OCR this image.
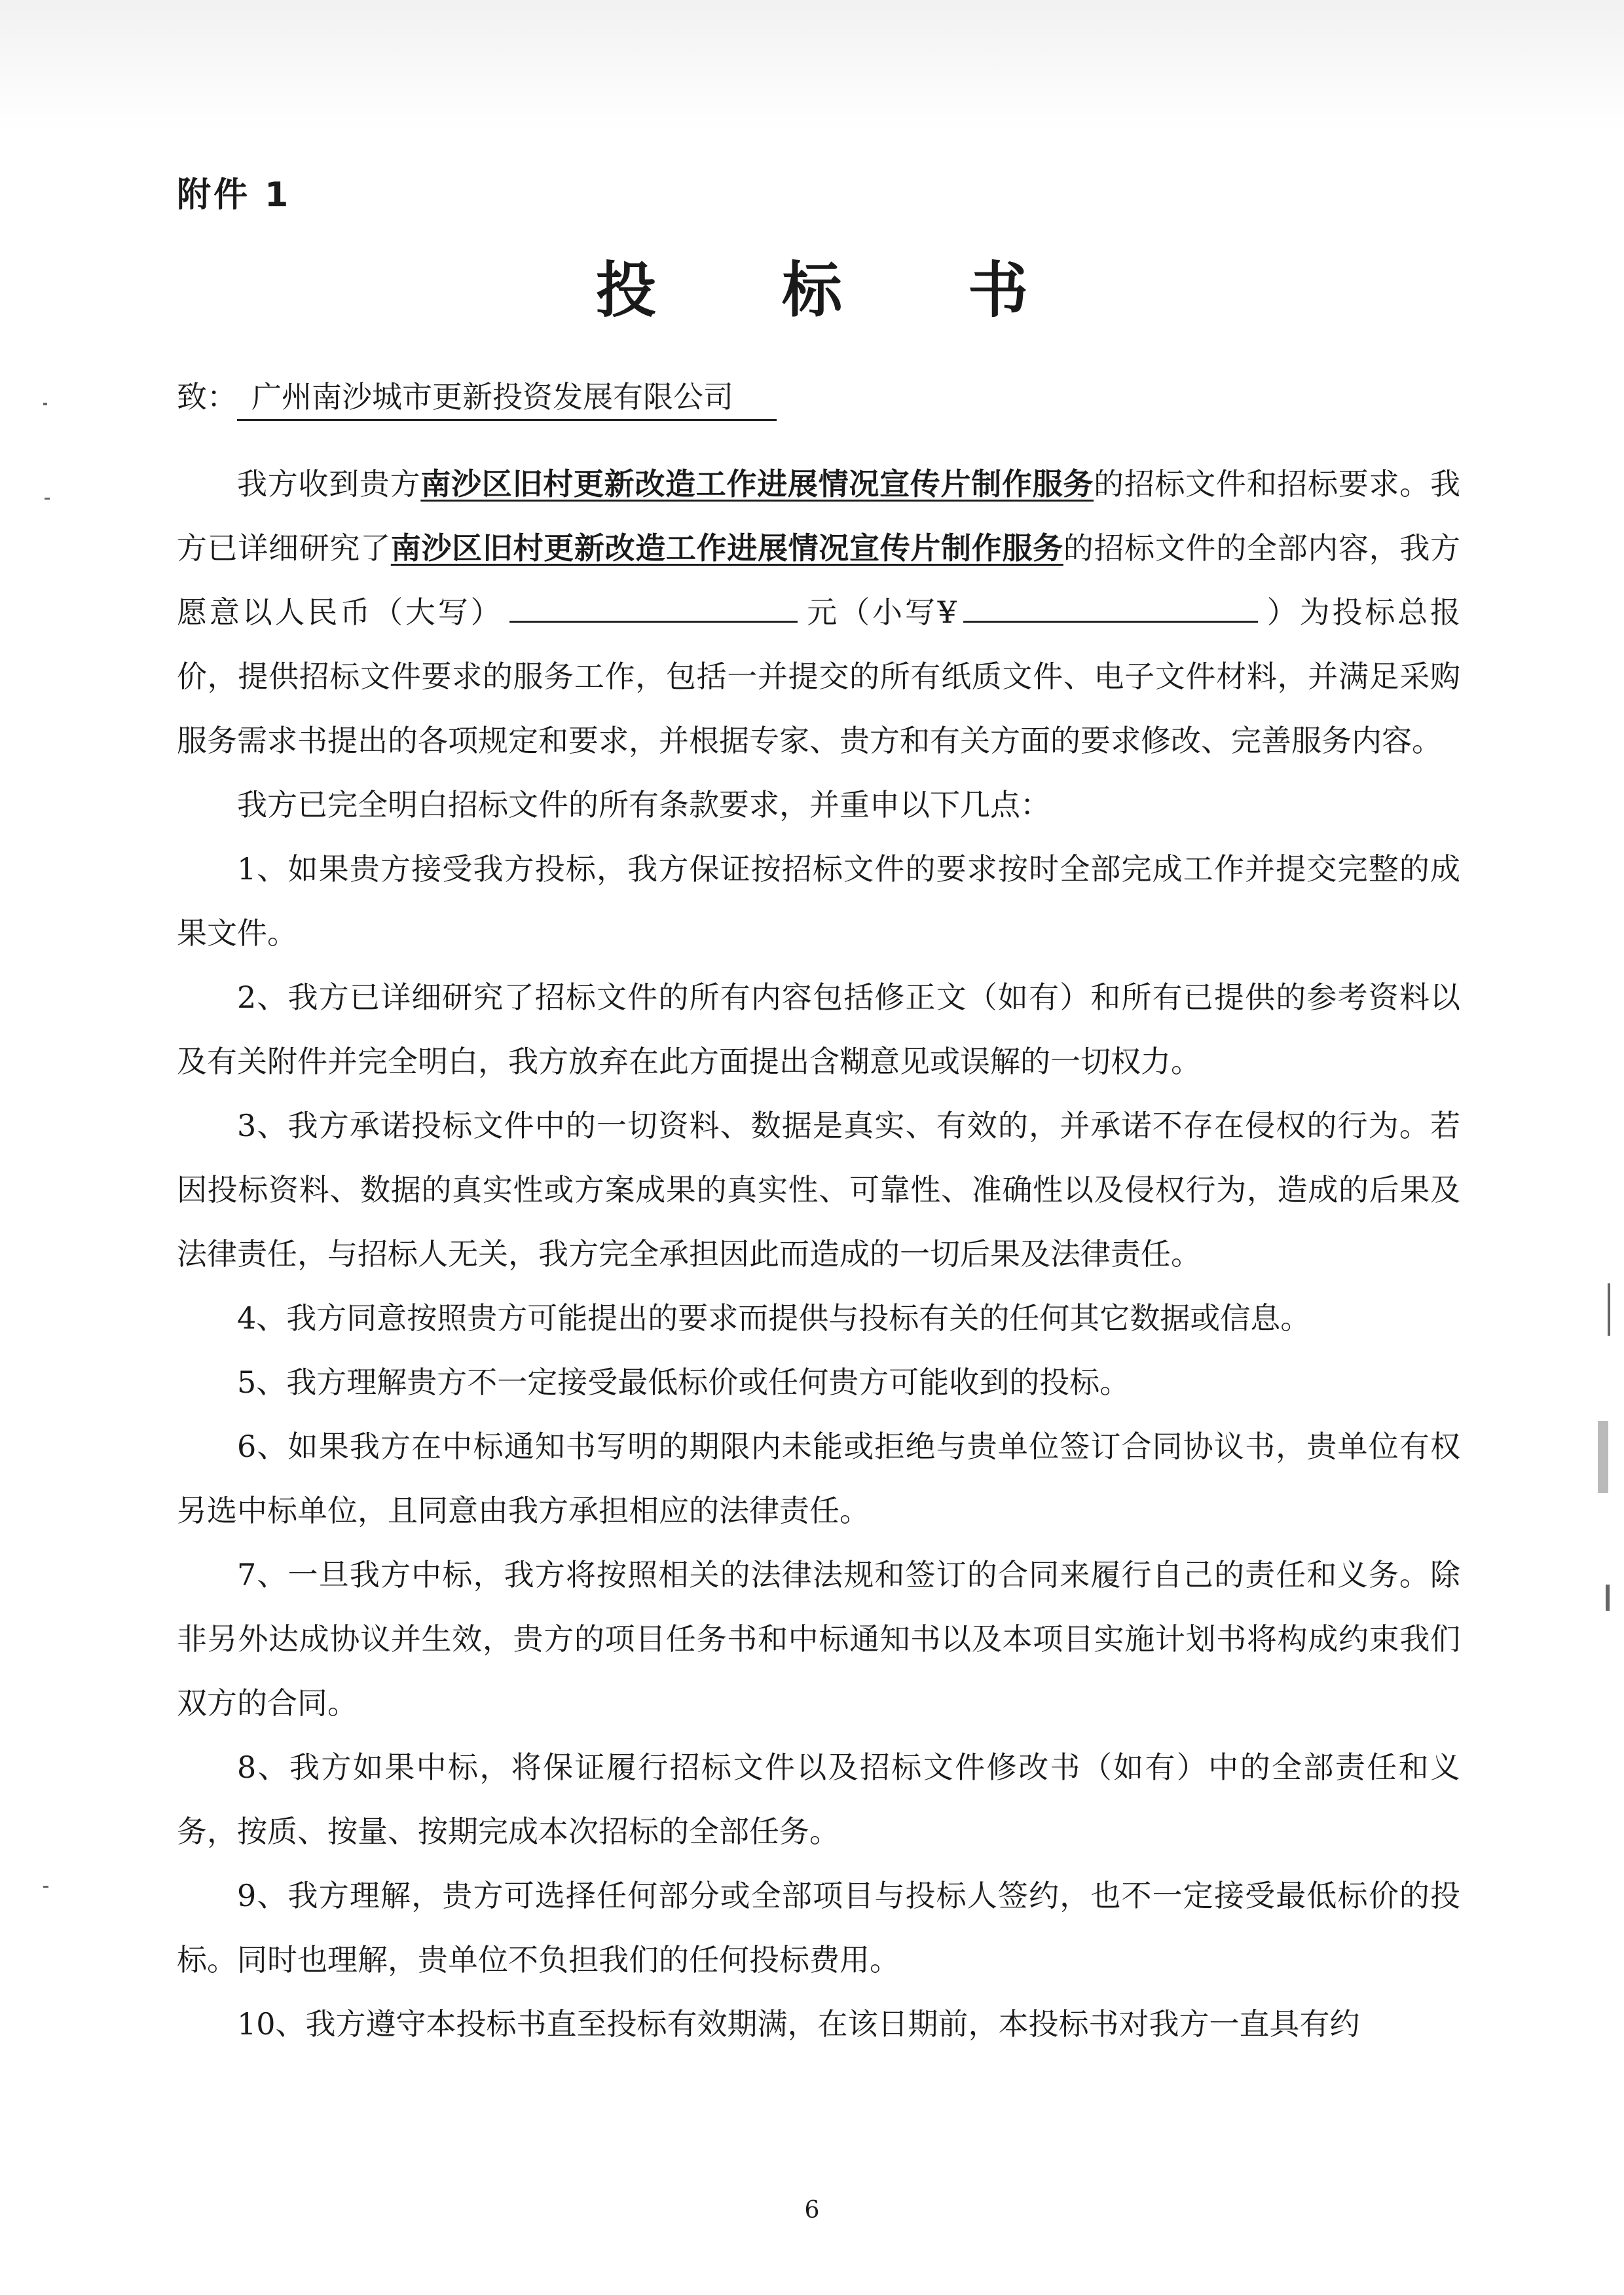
附件 1
投 标 书
致： 广州南沙城市更新投资发展有限公司

我方收到贵方南沙区旧村更新改造工作进展情况宣传片制作服务的招标文件和招标要求。我方已详细研究了南沙区旧村更新改造工作进展情况宣传片制作服务的招标文件的全部内容，我方愿意以人民币（大写）	元（小写¥	）为投标总报价，提供招标文件要求的服务工作，包括一并提交的所有纸质文件、电子文件材料，并满足采购服务需求书提出的各项规定和要求，并根据专家、贵方和有关方面的要求修改、完善服务内容。

我方已完全明白招标文件的所有条款要求，并重申以下几点：

1、如果贵方接受我方投标，我方保证按招标文件的要求按时全部完成工作并提交完整的成果文件。

2、我方已详细研究了招标文件的所有内容包括修正文（如有）和所有已提供的参考资料以及有关附件并完全明白，我方放弃在此方面提出含糊意见或误解的一切权力。

3、我方承诺投标文件中的一切资料、数据是真实、有效的，并承诺不存在侵权的行为。若因投标资料、数据的真实性或方案成果的真实性、可靠性、准确性以及侵权行为，造成的后果及法律责任，与招标人无关，我方完全承担因此而造成的一切后果及法律责任。

4、我方同意按照贵方可能提出的要求而提供与投标有关的任何其它数据或信息。

5、我方理解贵方不一定接受最低标价或任何贵方可能收到的投标。

6、如果我方在中标通知书写明的期限内未能或拒绝与贵单位签订合同协议书，贵单位有权另选中标单位，且同意由我方承担相应的法律责任。

7、一旦我方中标，我方将按照相关的法律法规和签订的合同来履行自己的责任和义务。除非另外达成协议并生效，贵方的项目任务书和中标通知书以及本项目实施计划书将构成约束我们双方的合同。

8、我方如果中标，将保证履行招标文件以及招标文件修改书（如有）中的全部责任和义务，按质、按量、按期完成本次招标的全部任务。

9、我方理解，贵方可选择任何部分或全部项目与投标人签约，也不一定接受最低标价的投标。同时也理解，贵单位不负担我们的任何投标费用。

10、我方遵守本投标书直至投标有效期满，在该日期前，本投标书对我方一直具有约

6
